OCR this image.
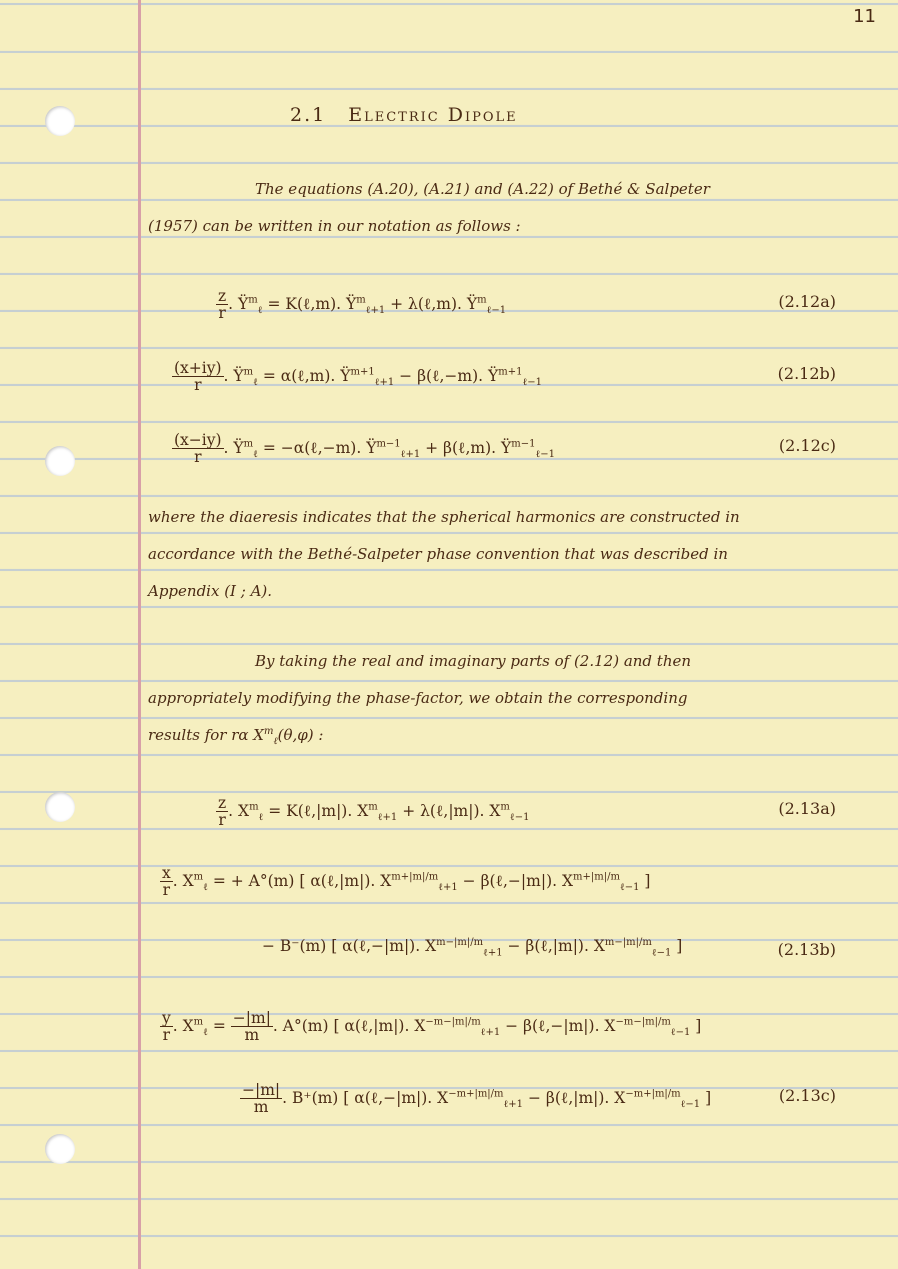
11
2.1 Electric Dipole
The equations (A.20), (A.21) and (A.22) of Bethé & Salpeter
(1957) can be written in our notation as follows :
$\frac{z}{r}$ . $Ÿ^m_\ell$ = K(ℓ,m). $Ÿ^m_{\ell+1}$ + λ(ℓ,m). $Ÿ^m_{\ell-1}$	(2.12a)
$\frac{(x+iy)}{r}$ . $Ÿ^m_\ell$ = α(ℓ,m). $Ÿ^{m+1}_{\ell+1}$ − β(ℓ,−m). $Ÿ^{m+1}_{\ell-1}$	(2.12b)
$\frac{(x-iy)}{r}$ . $Ÿ^m_\ell$ = −α(ℓ,−m). $Ÿ^{m-1}_{\ell+1}$ + β(ℓ,m). $Ÿ^{m-1}_{\ell-1}$	(2.12c)
where the diaeresis indicates that the spherical harmonics are constructed in
accordance with the Bethé-Salpeter phase convention that was described in
Appendix (I ; A).
By taking the real and imaginary parts of (2.12) and then
appropriately modifying the phase-factor, we obtain the corresponding
results for rα $X^m_\ell(\theta,\varphi)$ :
$\frac{z}{r}$ . $X^m_\ell$ = K(ℓ,|m|). $X^m_{\ell+1}$ + λ(ℓ,|m|). $X^m_{\ell-1}$	(2.13a)
$\frac{x}{r}$ . $X^m_\ell$ = + A°(m) [ α(ℓ,|m|). $X^{m+|m|/m}_{\ell+1}$ − β(ℓ,−|m|). $X^{m+|m|/m}_{\ell-1}$ ]
− B⁻(m) [ α(ℓ,−|m|). $X^{m-|m|/m}_{\ell+1}$ − β(ℓ,|m|). $X^{m-|m|/m}_{\ell-1}$ ]	(2.13b)
$\frac{y}{r}$ . $X^m_\ell = \frac{-|m|}{m}$ . A°(m) [ α(ℓ,|m|). $X^{-m-|m|/m}_{\ell+1}$ − β(ℓ,−|m|). $X^{-m-|m|/m}_{\ell-1}$ ]
$\frac{-|m|}{m}$ . B⁺(m) [ α(ℓ,−|m|). $X^{-m+|m|/m}_{\ell+1}$ − β(ℓ,|m|). $X^{-m+|m|/m}_{\ell-1}$ ]	(2.13c)
